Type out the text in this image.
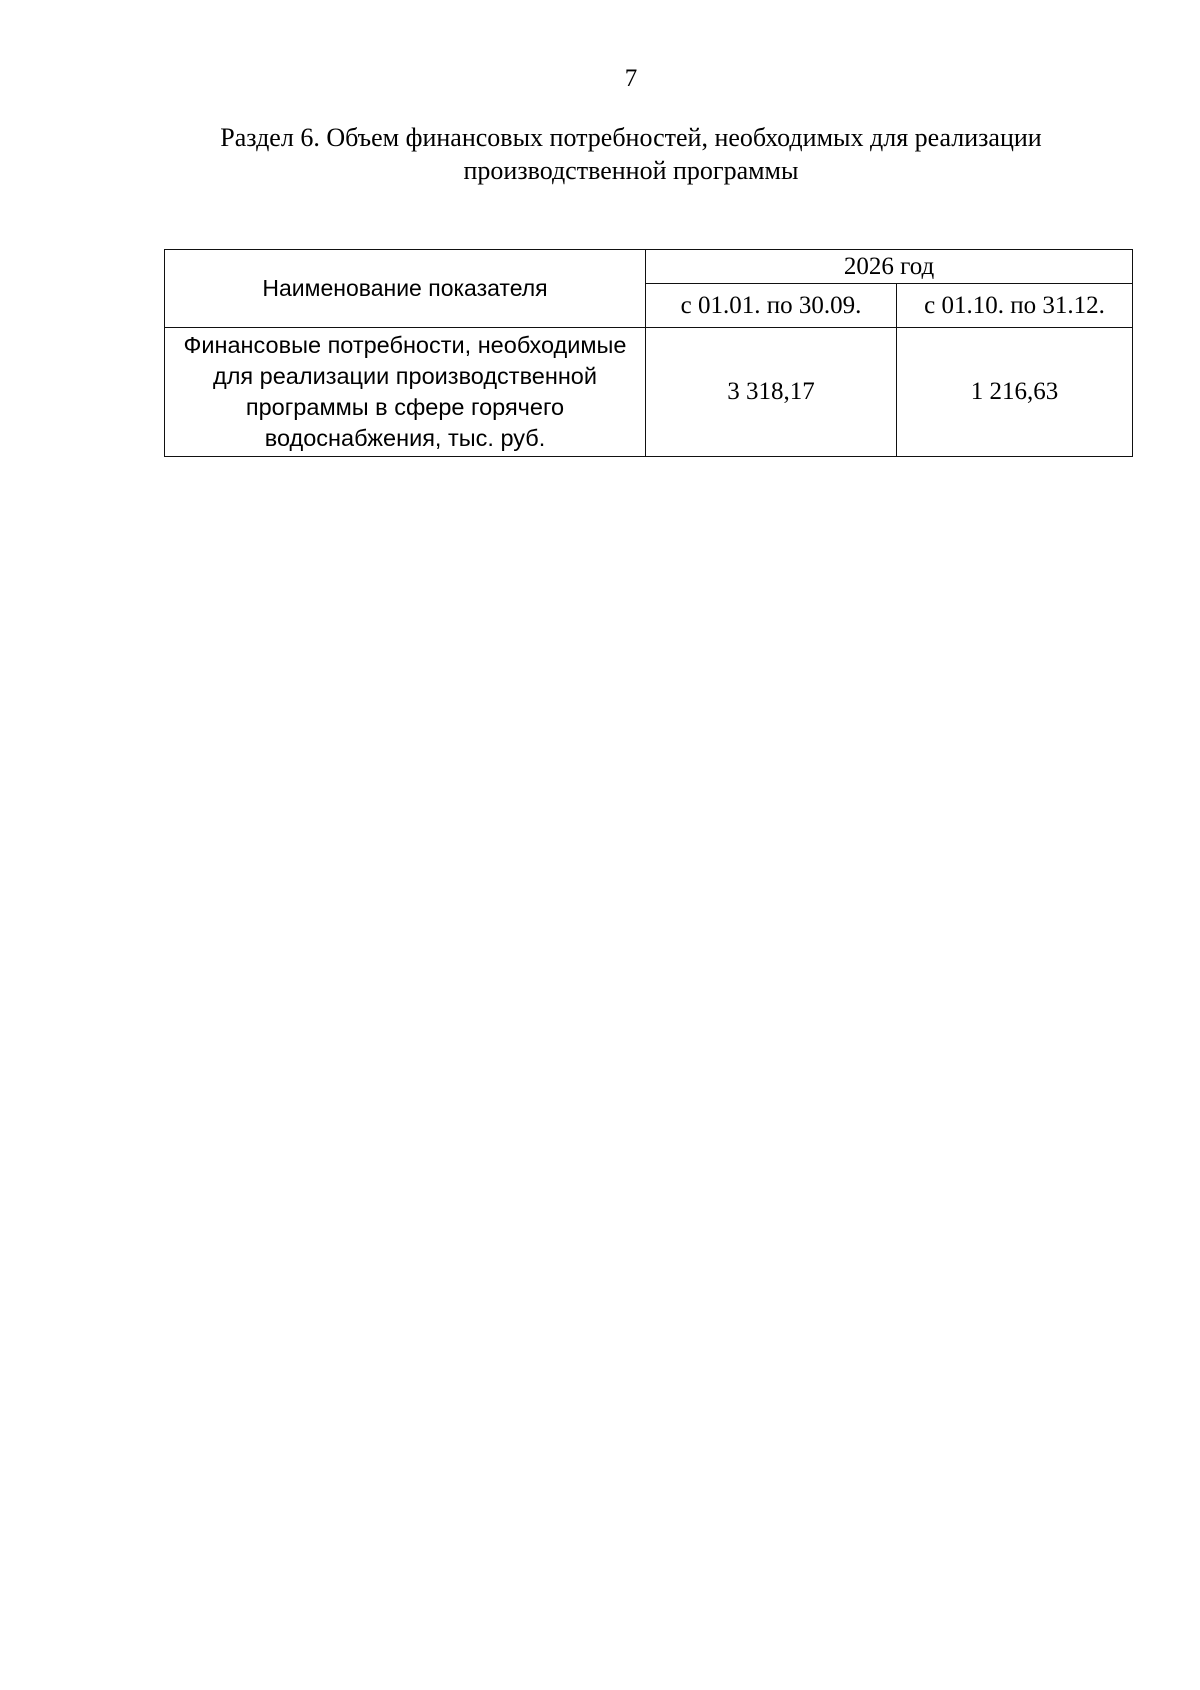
7
Раздел 6. Объем финансовых потребностей, необходимых для реализации производственной программы
Наименование показателя	2026 год	
	с 01.01. по 30.09.	с 01.10. по 31.12.
Финансовые потребности, необходимые для реализации производственной программы в сфере горячего водоснабжения, тыс. руб.	3 318,17	1 216,63
